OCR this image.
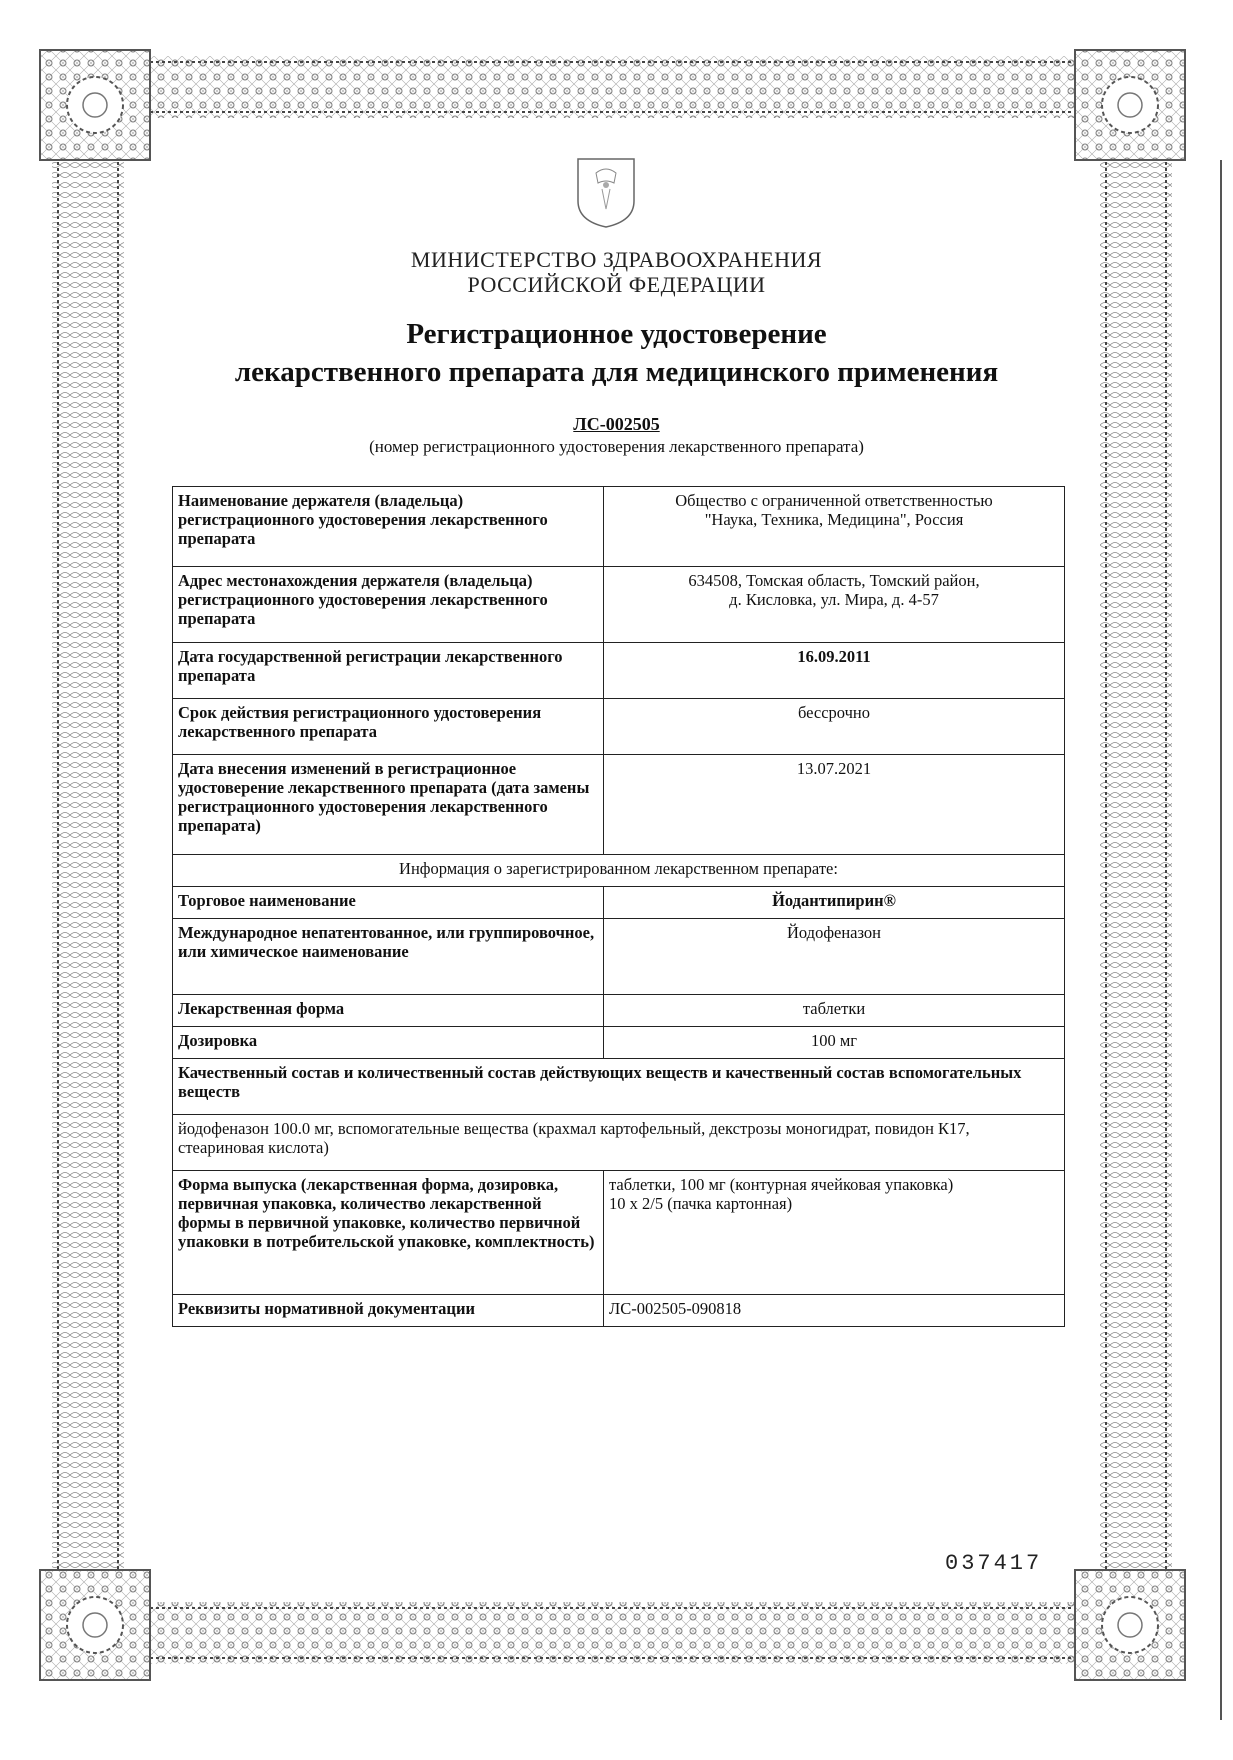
МИНИСТЕРСТВО ЗДРАВООХРАНЕНИЯ
РОССИЙСКОЙ ФЕДЕРАЦИИ
Регистрационное удостоверение
лекарственного препарата для медицинского применения
ЛС-002505
(номер регистрационного удостоверения лекарственного препарата)
Наименование держателя (владельца) регистрационного удостоверения лекарственного препарата	Общество с ограниченной ответственностью
"Наука, Техника, Медицина", Россия

Адрес местонахождения держателя (владельца) регистрационного удостоверения лекарственного препарата	634508, Томская область, Томский район,
д. Кисловка, ул. Мира, д. 4-57

Дата государственной регистрации лекарственного препарата	16.09.2011
Срок действия регистрационного удостоверения лекарственного препарата	бессрочно
Дата внесения изменений в регистрационное удостоверение лекарственного препарата (дата замены регистрационного удостоверения лекарственного препарата)	13.07.2021
Информация о зарегистрированном лекарственном препарате:	
Торговое наименование	Йодантипирин®
Международное непатентованное, или группировочное, или химическое наименование	Йодофеназон
Лекарственная форма	таблетки
Дозировка	100 мг
Качественный состав и количественный состав действующих веществ и качественный состав вспомогательных веществ	
йодофеназон 100.0 мг, вспомогательные вещества (крахмал картофельный, декстрозы моногидрат, повидон К17, стеариновая кислота)	
Форма выпуска (лекарственная форма, дозировка, первичная упаковка, количество лекарственной формы в первичной упаковке, количество первичной упаковки в потребительской упаковке, комплектность)	таблетки, 100 мг (контурная ячейковая упаковка)
10 х 2/5 (пачка картонная)

Реквизиты нормативной документации	ЛС-002505-090818
037417
